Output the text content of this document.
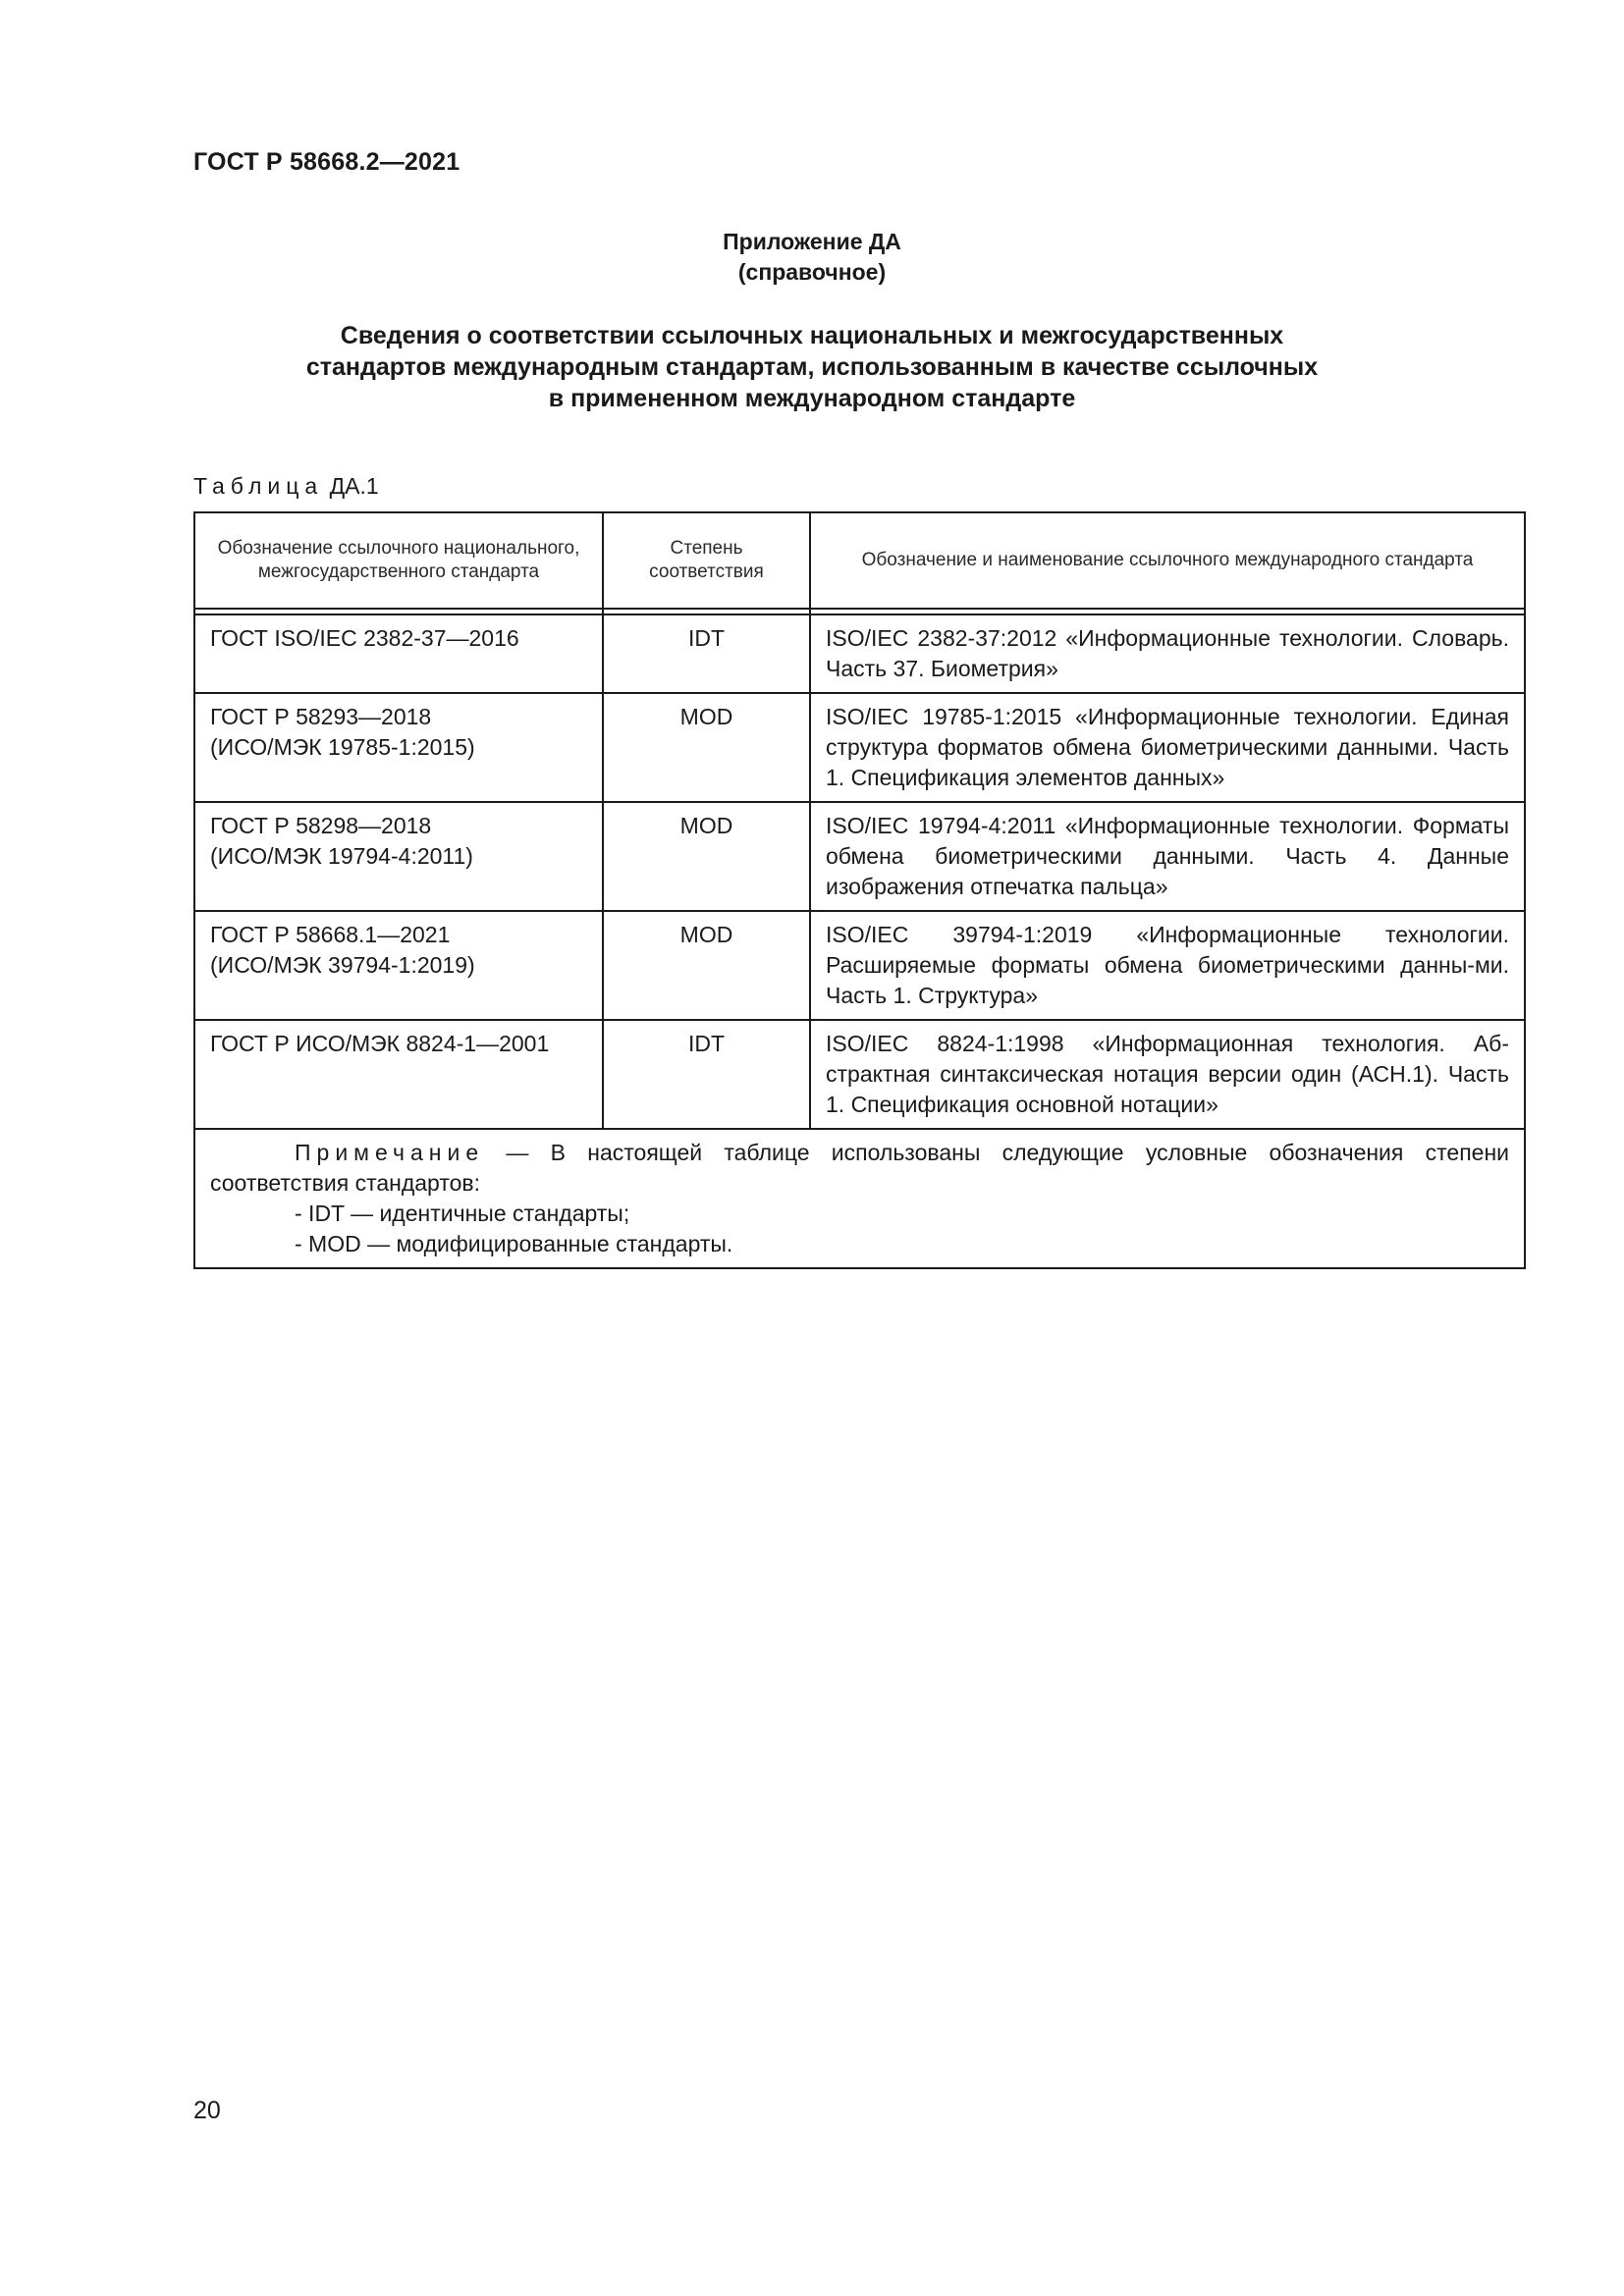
ГОСТ Р 58668.2—2021
Приложение ДА
(справочное)
Сведения о соответствии ссылочных национальных и межгосударственных
стандартов международным стандартам, использованным в качестве ссылочных
в примененном международном стандарте
Таблица ДА.1
Обозначение ссылочного национального, межгосударственного стандарта	Степень соответствия	Обозначение и наименование ссылочного международного стандарта

ГОСТ ISO/IEC 2382-37—2016	IDT	ISO/IEC 2382-37:2012 «Информационные технологии. Словарь. Часть 37. Биометрия»

ГОСТ Р 58293—2018
(ИСО/МЭК 19785-1:2015)	MOD	ISO/IEC 19785-1:2015 «Информационные технологии. Единая структура форматов обмена биометрическими данными. Часть 1. Спецификация элементов данных»

ГОСТ Р 58298—2018
(ИСО/МЭК 19794-4:2011)	MOD	ISO/IEC 19794-4:2011 «Информационные технологии. Форматы обмена биометрическими данными. Часть 4. Данные изображения отпечатка пальца»

ГОСТ Р 58668.1—2021
(ИСО/МЭК 39794-1:2019)	MOD	ISO/IEC 39794-1:2019 «Информационные технологии. Расширяемые форматы обмена биометрическими данны-ми. Часть 1. Структура»

ГОСТ Р ИСО/МЭК 8824-1—2001	IDT	ISO/IEC 8824-1:1998 «Информационная технология. Аб-страктная синтаксическая нотация версии один (АСН.1). Часть 1. Спецификация основной нотации»

Примечание — В настоящей таблице использованы следующие условные обозначения степени соответствия стандартов:
- IDT — идентичные стандарты;
- MOD — модифицированные стандарты.		
20
